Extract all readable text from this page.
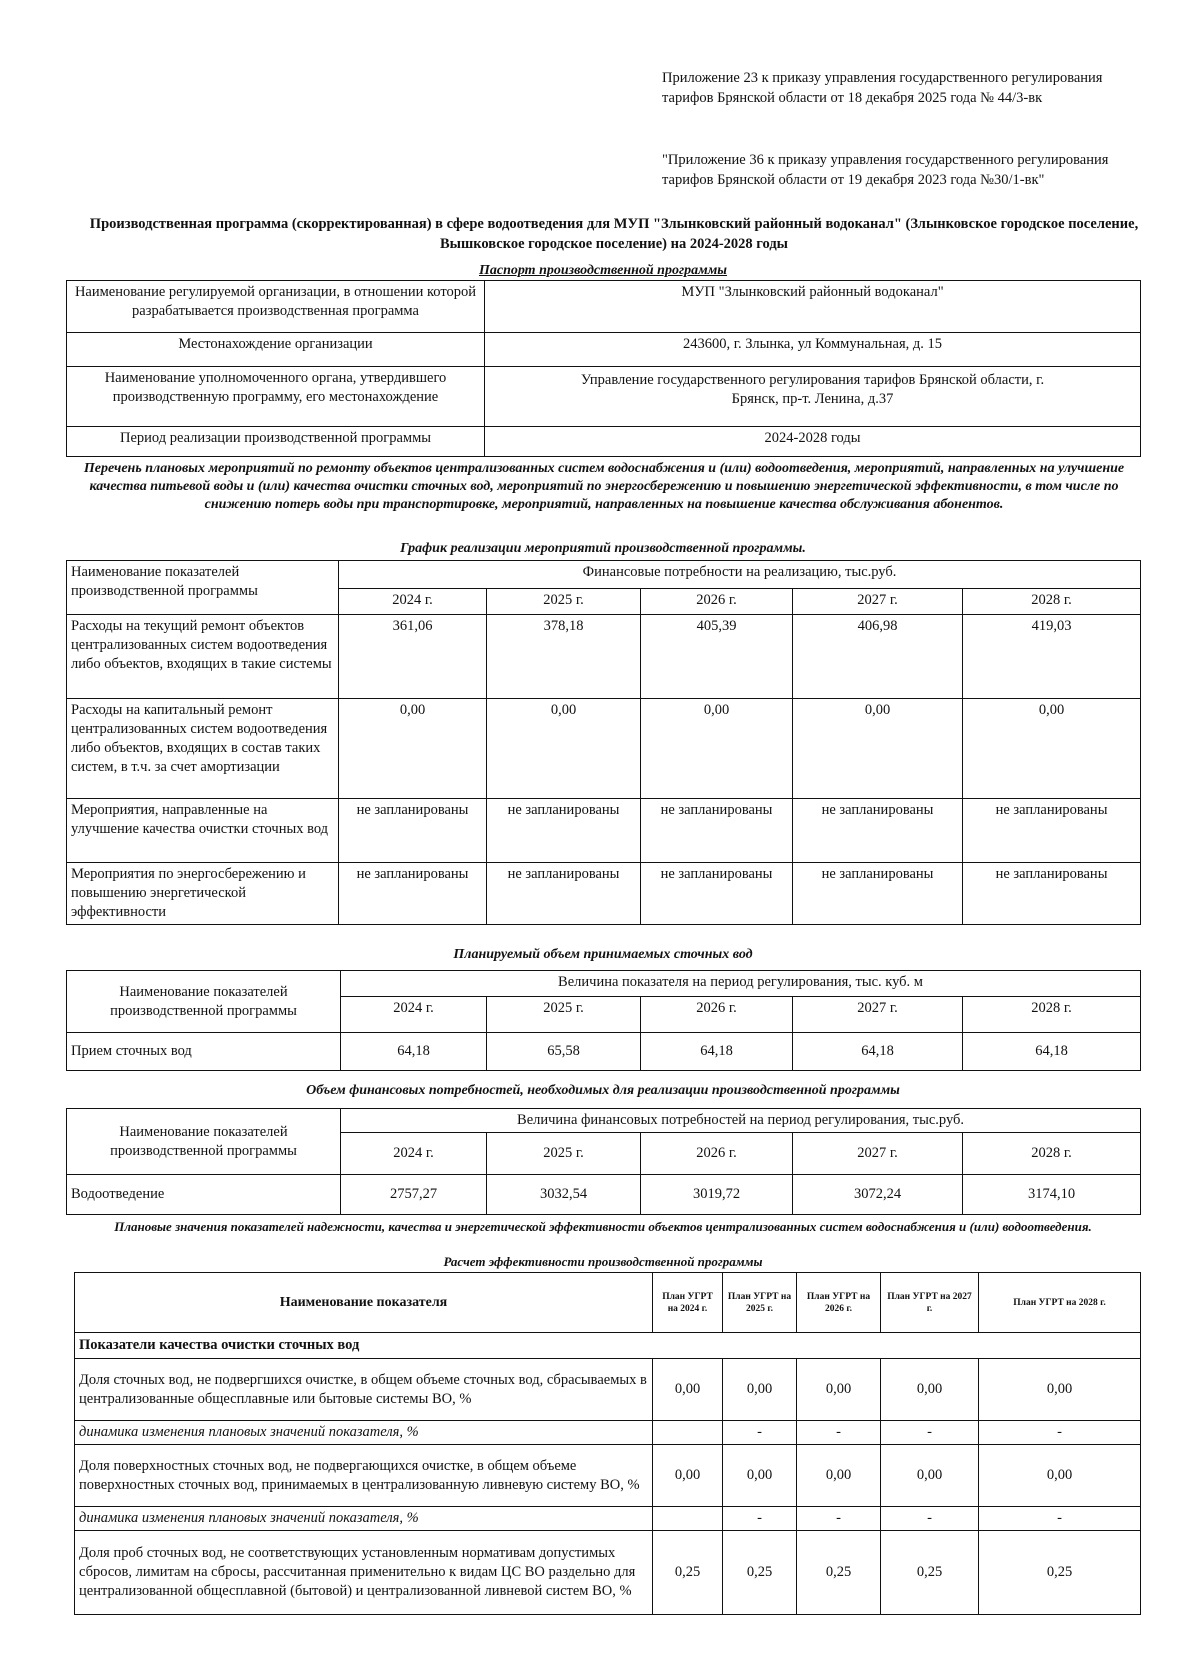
Приложение 23 к приказу управления государственного регулирования тарифов Брянской области от 18 декабря 2025 года № 44/3-вк
"Приложение 36 к приказу управления государственного регулирования тарифов Брянской области от 19 декабря 2023 года №30/1-вк"
Производственная программа (скорректированная) в сфере водоотведения для МУП "Злынковский районный водоканал" (Злынковское городское поселение, Вышковское городское поселение) на 2024-2028 годы
Паспорт производственной программы
Наименование регулируемой организации, в отношении которой разрабатывается производственная программа	МУП "Злынковский районный водоканал"
Местонахождение организации	243600, г. Злынка, ул Коммунальная, д. 15
Наименование уполномоченного органа, утвердившего производственную программу, его местонахождение	Управление государственного регулирования тарифов Брянской области, г. Брянск, пр-т. Ленина, д.37
Период реализации производственной программы	2024-2028 годы
Перечень плановых мероприятий по ремонту объектов централизованных систем водоснабжения и (или) водоотведения, мероприятий, направленных на улучшение качества питьевой воды и (или) качества очистки сточных вод, мероприятий по энергосбережению и повышению энергетической эффективности, в том числе по снижению потерь воды при транспортировке, мероприятий, направленных на повышение качества обслуживания абонентов.
График реализации мероприятий производственной программы.
Наименование показателей производственной программы	Финансовые потребности на реализацию, тыс.руб.				
	2024 г.	2025 г.	2026 г.	2027 г.	2028 г.
Расходы на текущий ремонт объектов централизованных систем водоотведения либо объектов, входящих в такие системы	361,06	378,18	405,39	406,98	419,03
Расходы на капитальный ремонт централизованных систем водоотведения либо объектов, входящих в состав таких систем, в т.ч. за счет амортизации	0,00	0,00	0,00	0,00	0,00
Мероприятия, направленные на улучшение качества очистки сточных вод	не запланированы	не запланированы	не запланированы	не запланированы	не запланированы
Мероприятия по энергосбережению и повышению энергетической эффективности	не запланированы	не запланированы	не запланированы	не запланированы	не запланированы
Планируемый объем принимаемых сточных вод
Наименование показателей производственной программы	Величина показателя на период регулирования, тыс. куб. м				
	2024 г.	2025 г.	2026 г.	2027 г.	2028 г.
Прием сточных вод	64,18	65,58	64,18	64,18	64,18
Объем финансовых потребностей, необходимых для реализации производственной программы
Наименование показателей производственной программы	Величина финансовых потребностей на период регулирования, тыс.руб.				
	2024 г.	2025 г.	2026 г.	2027 г.	2028 г.
Водоотведение	2757,27	3032,54	3019,72	3072,24	3174,10
Плановые значения показателей надежности, качества и энергетической эффективности объектов централизованных систем водоснабжения и (или) водоотведения.
Расчет эффективности производственной программы
Наименование показателя	План УГРТ на 2024 г.	План УГРТ на 2025 г.	План УГРТ на 2026 г.	План УГРТ на 2027 г.	План УГРТ на 2028 г.
Показатели качества очистки сточных вод					
Доля сточных вод, не подвергшихся очистке, в общем объеме сточных вод, сбрасываемых в централизованные общесплавные или бытовые системы ВО, %	0,00	0,00	0,00	0,00	0,00
динамика изменения плановых значений показателя, %		-	-	-	-
Доля поверхностных сточных вод, не подвергающихся очистке, в общем объеме поверхностных сточных вод, принимаемых в централизованную ливневую систему ВО, %	0,00	0,00	0,00	0,00	0,00
динамика изменения плановых значений показателя, %		-	-	-	-
Доля проб сточных вод, не соответствующих установленным нормативам допустимых сбросов, лимитам на сбросы, рассчитанная применительно к видам ЦС ВО раздельно для централизованной общесплавной (бытовой) и централизованной ливневой систем ВО, %	0,25	0,25	0,25	0,25	0,25
